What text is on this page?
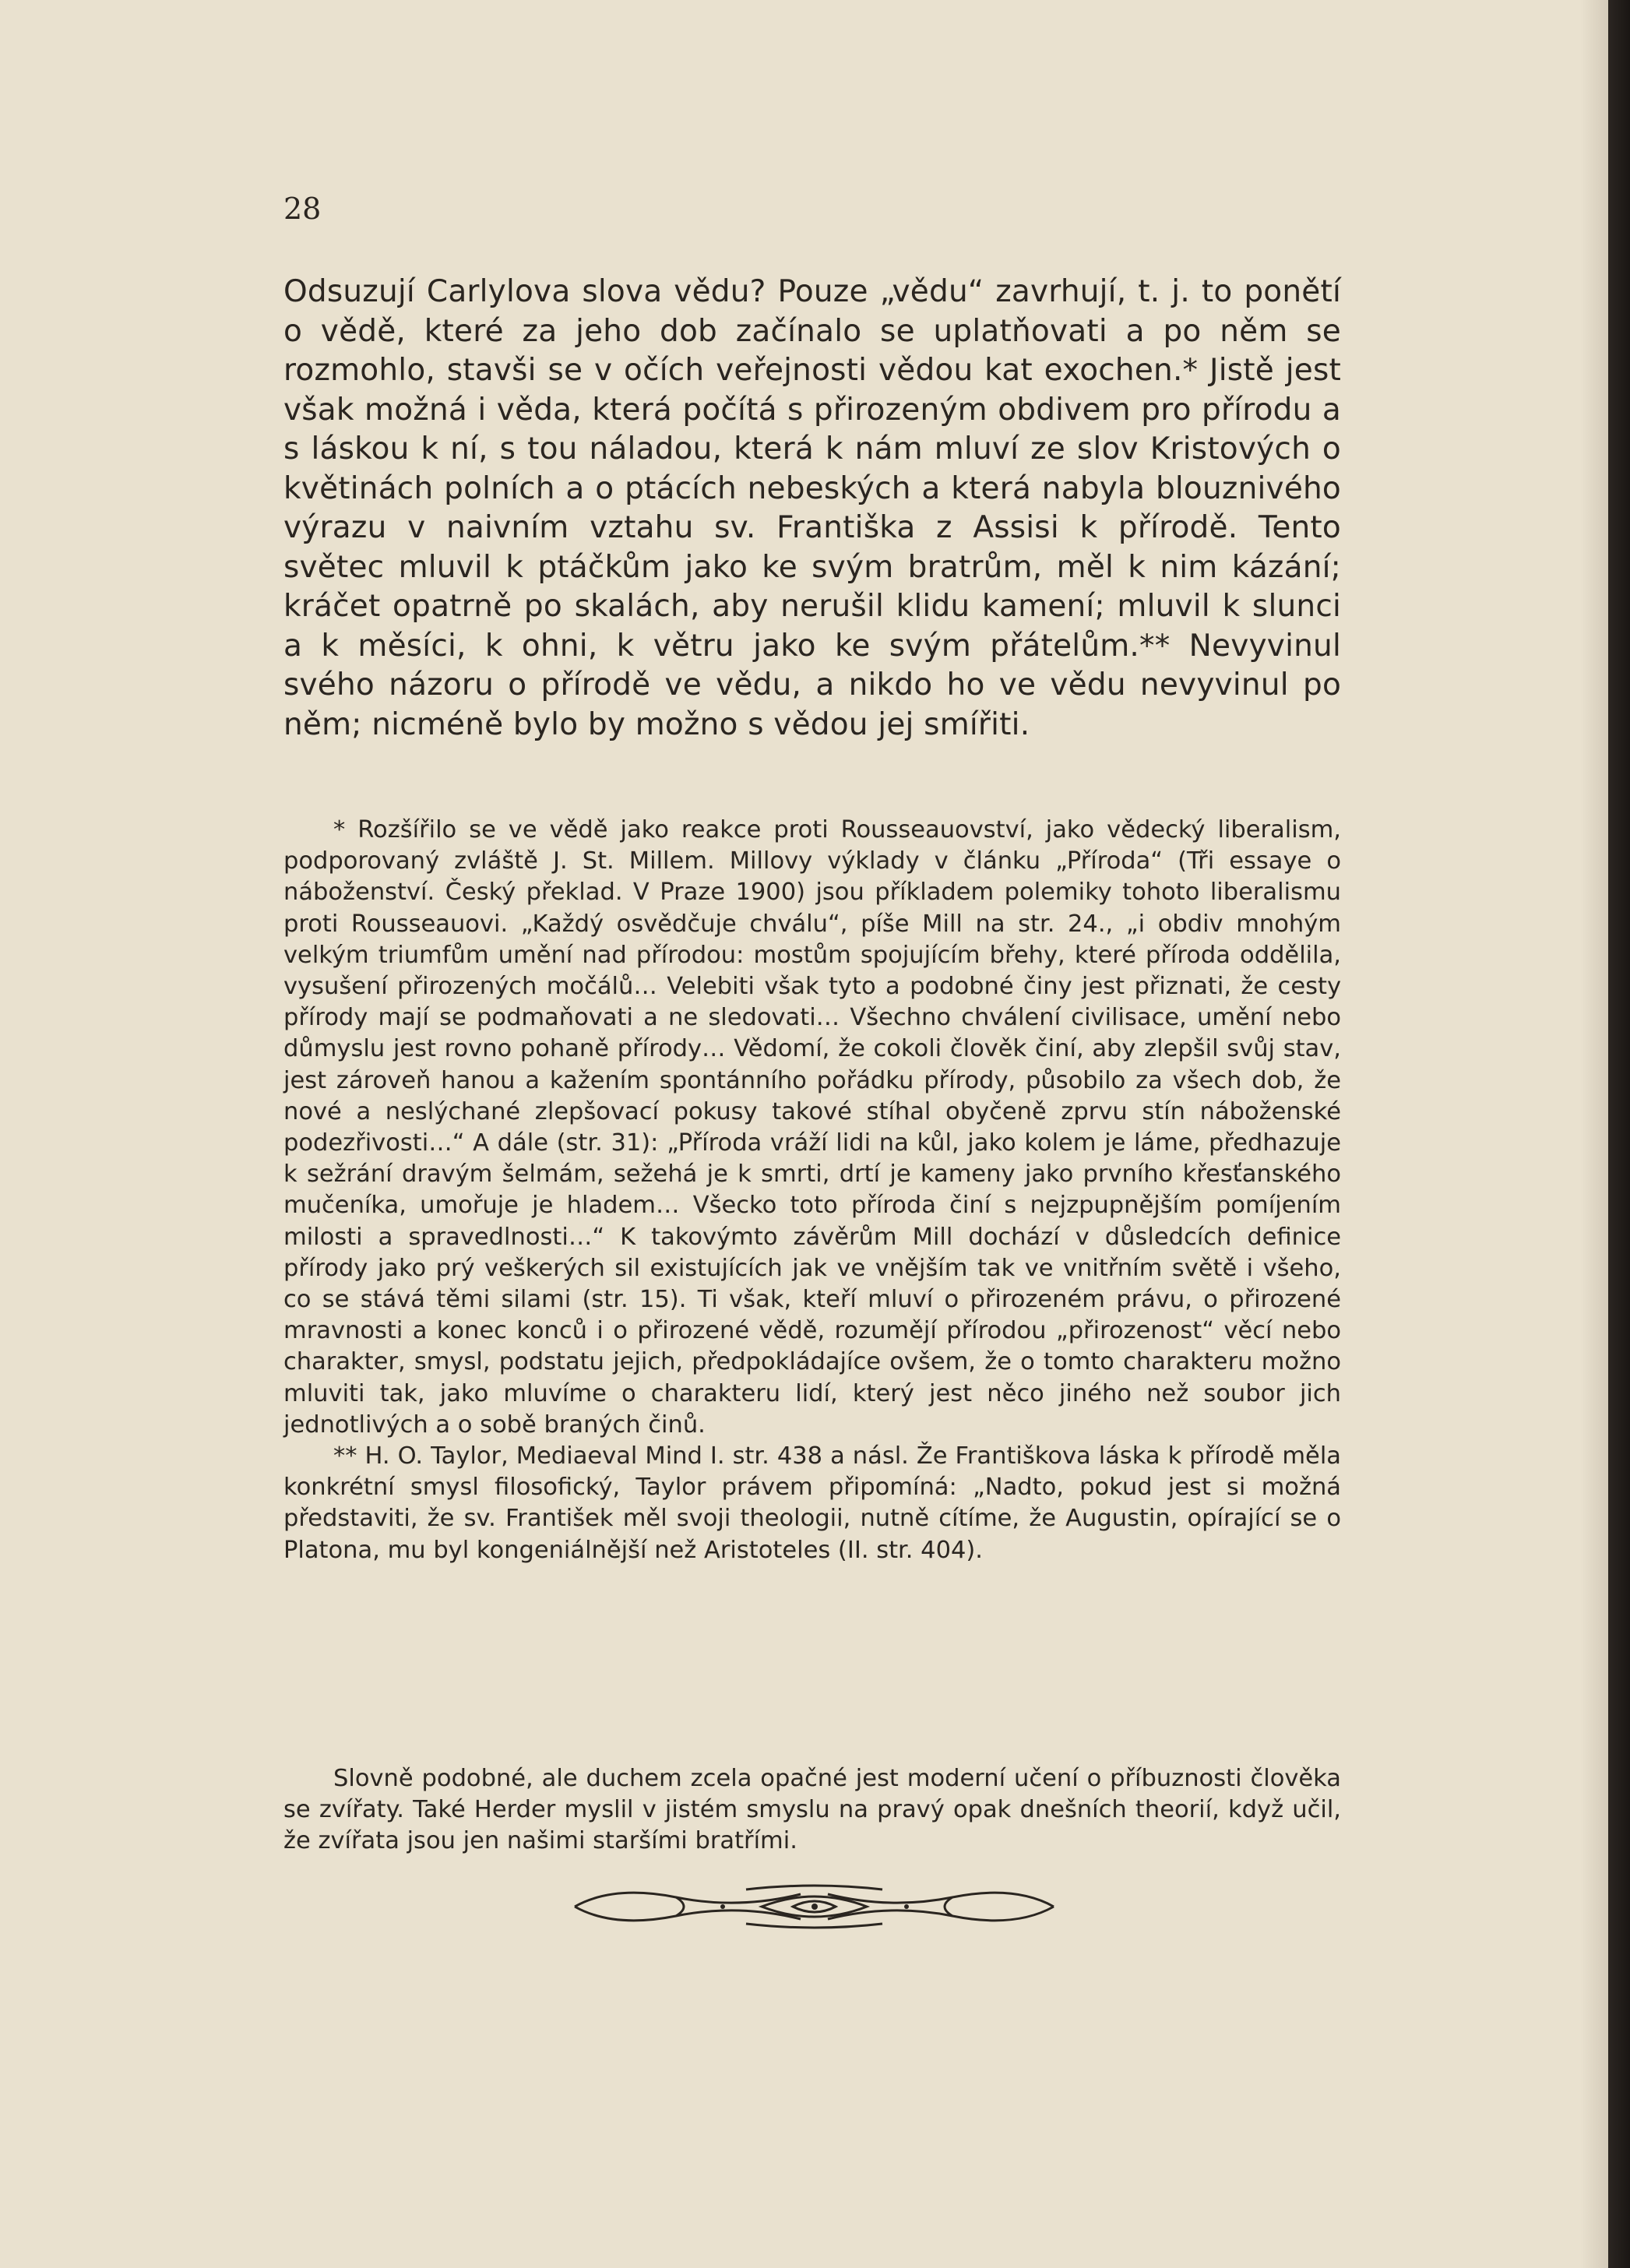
28

Odsuzují Carlylova slova vědu? Pouze „vědu“ zavrhují, t. j. to ponětí o vědě, které za jeho dob začínalo se uplatňovati a po něm se rozmohlo, stavši se v očích veřejnosti vědou kat exochen.* Jistě jest však možná i věda, která počítá s přirozeným obdivem pro přírodu a s láskou k ní, s tou náladou, která k nám mluví ze slov Kristových o květinách polních a o ptácích nebeských a která nabyla blouznivého výrazu v naivním vztahu sv. Františka z Assisi k přírodě. Tento světec mluvil k ptáčkům jako ke svým bratrům, měl k nim kázání; kráčet opatrně po skalách, aby nerušil klidu kamení; mluvil k slunci a k měsíci, k ohni, k větru jako ke svým přátelům.** Nevyvinul svého názoru o přírodě ve vědu, a nikdo ho ve vědu nevyvinul po něm; nicméně bylo by možno s vědou jej smířiti.

* Rozšířilo se ve vědě jako reakce proti Rousseauovství, jako vědecký liberalism, podporovaný zvláště J. St. Millem. Millovy výklady v článku „Příroda“ (Tři essaye o náboženství. Český překlad. V Praze 1900) jsou příkladem polemiky tohoto liberalismu proti Rousseauovi. „Každý osvědčuje chválu“, píše Mill na str. 24., „i obdiv mnohým velkým triumfům umění nad přírodou: mostům spojujícím břehy, které příroda oddělila, vysušení přirozených močálů… Velebiti však tyto a podobné činy jest přiznati, že cesty přírody mají se podmaňovati a ne sledovati… Všechno chválení civilisace, umění nebo důmyslu jest rovno pohaně přírody… Vědomí, že cokoli člověk činí, aby zlepšil svůj stav, jest zároveň hanou a kažením spontánního pořádku přírody, působilo za všech dob, že nové a neslýchané zlepšovací pokusy takové stíhal obyčeně zprvu stín náboženské podezřivosti…“ A dále (str. 31): „Příroda vráží lidi na kůl, jako kolem je láme, předhazuje k sežrání dravým šelmám, sežehá je k smrti, drtí je kameny jako prvního křesťanského mučeníka, umořuje je hladem… Všecko toto příroda činí s nejzpupnějším pomíjením milosti a spravedlnosti…“ K takovýmto závěrům Mill dochází v důsledcích definice přírody jako prý veškerých sil existujících jak ve vnějším tak ve vnitřním světě i všeho, co se stává těmi silami (str. 15). Ti však, kteří mluví o přirozeném právu, o přirozené mravnosti a konec konců i o přirozené vědě, rozumějí přírodou „přirozenost“ věcí nebo charakter, smysl, podstatu jejich, předpokládajíce ovšem, že o tomto charakteru možno mluviti tak, jako mluvíme o charakteru lidí, který jest něco jiného než soubor jich jednotlivých a o sobě braných činů.

** H. O. Taylor, Mediaeval Mind I. str. 438 a násl. Že Františkova láska k přírodě měla konkrétní smysl filosofický, Taylor právem připomíná: „Nadto, pokud jest si možná představiti, že sv. František měl svoji theologii, nutně cítíme, že Augustin, opírající se o Platona, mu byl kongeniálnější než Aristoteles (II. str. 404).

Slovně podobné, ale duchem zcela opačné jest moderní učení o příbuznosti člověka se zvířaty. Také Herder myslil v jistém smyslu na pravý opak dnešních theorií, když učil, že zvířata jsou jen našimi staršími bratřími.
